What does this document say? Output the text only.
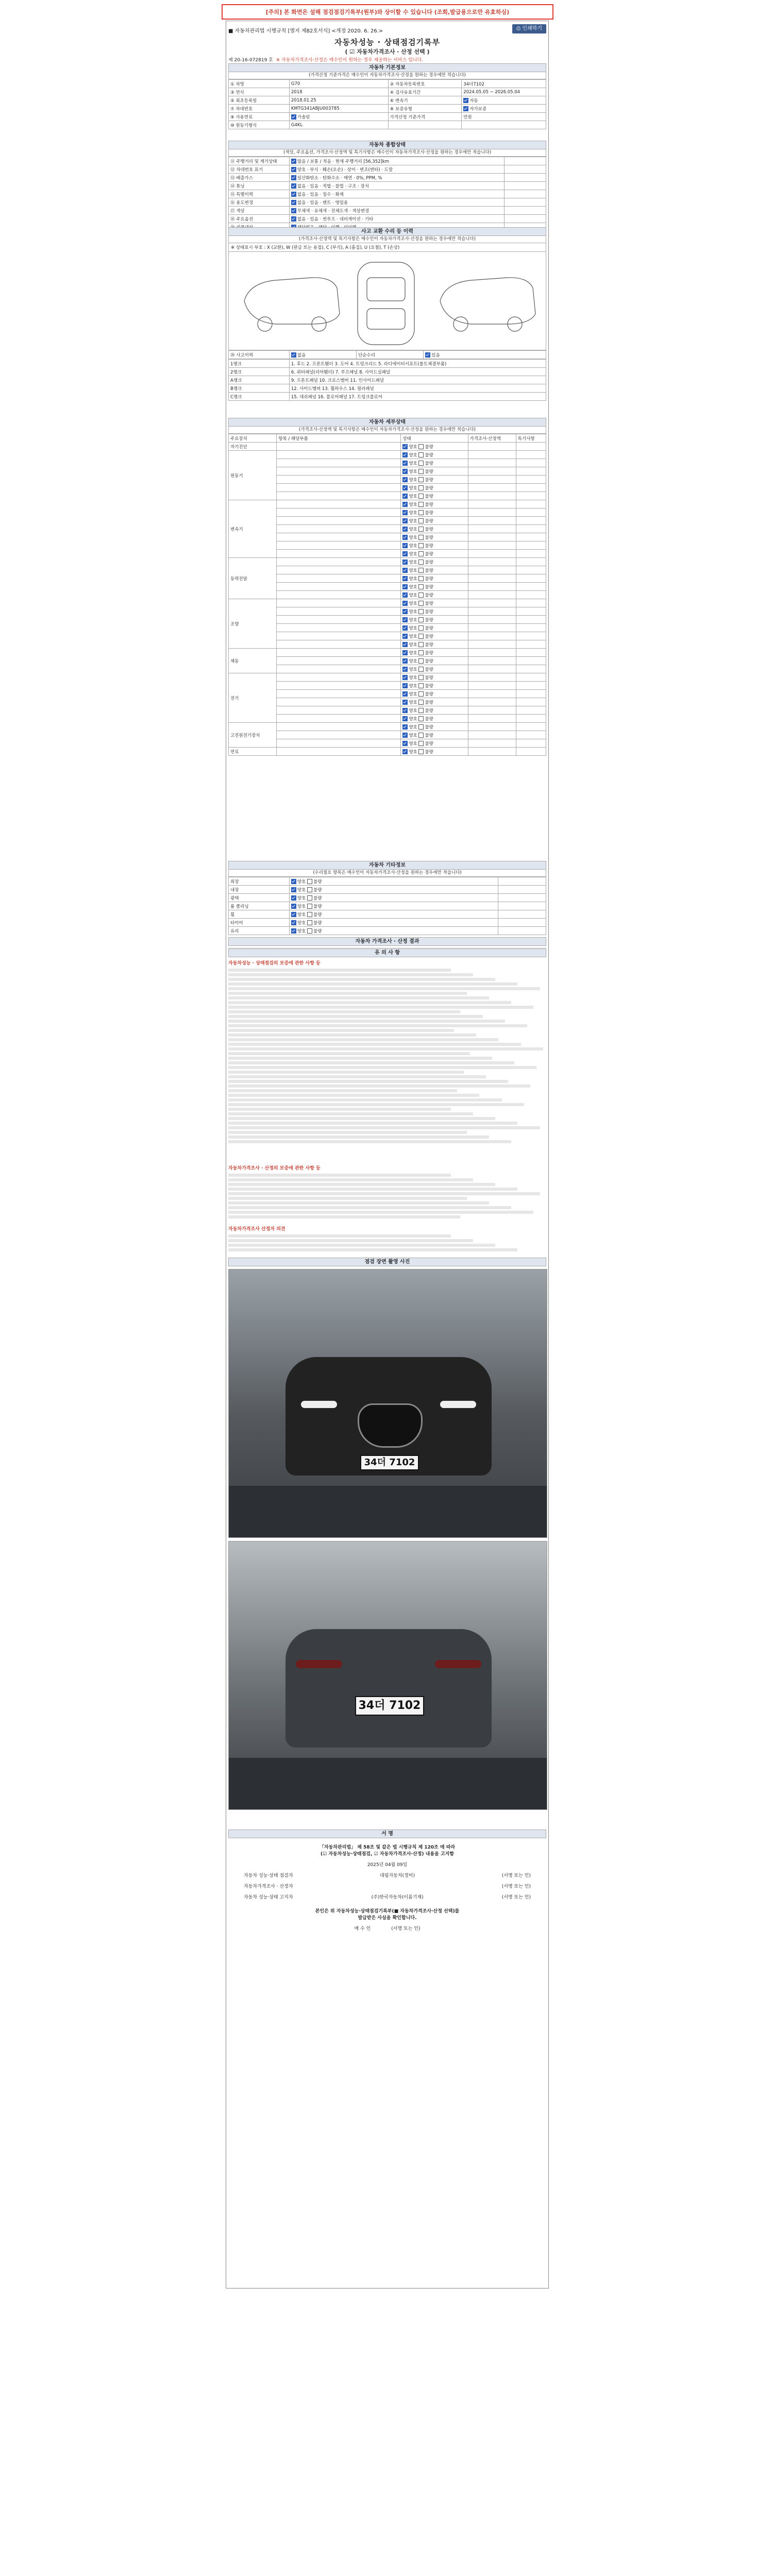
[주의] 본 화면은 설해 점검점검기록부(원부)와 상이할 수 있습니다 (조회,발급용으로만 유효하심)
■ 자동차관리법 시행규칙 [별지 제82호서식] <개정 2020. 6. 26.>	⎙ 인쇄하기
자동차성능 · 상태점검기록부
( ☑ 자동차가격조사 · 산정 선택 )
제 20-16-072819 호 ※ 자동차가격조사·산정은 매수인이 원하는 경우 제공하는 서비스 입니다.
자동차 기본정보
(가격산정 기준가격은 매수인이 자동차가격조사·산정을 원하는 경우에만 적습니다)
① 차명	G70	② 자동차등록번호	34더7102
③ 연식	2018	④ 검사유효기간	2024.05.05 ~ 2026.05.04
⑤ 최초등록일	2018.01.25	⑥ 변속기	자동
⑦ 차대번호	KMTG341ABJU003785	⑧ 보증유형	자가보증
⑨ 사용연료	가솔린	가격산정 기준가격	만원
⑩ 원동기형식	G4KL		
자동차 종합상태
(색상, 주요옵션, 가격조사·산정액 및 특기사항은 매수인이 자동차가격조사·산정을 원하는 경우에만 적습니다)
⑪ 주행거리 및 계기상태	많음 / 보통 / 적음 · 현재 주행거리 [56,352]km	
⑫ 차대번호 표기	양호 · 부식 · 훼손(오손) · 상이 · 변조(변타) · 도말	
⑬ 배출가스	일산화탄소 · 탄화수소 · 매연 · 0%, PPM, %	
⑭ 튜닝	없음 · 있음 · 적법 · 불법 · 구조 · 장치	
⑮ 특별이력	없음 · 있음 · 침수 · 화재	
⑯ 용도변경	없음 · 있음 · 렌트 · 영업용	
⑰ 색상	무채색 · 유채색 · 전체도색 · 색상변경	
⑱ 주요옵션	없음 · 있음 · 썬루프 · 네비게이션 · 기타	

사고 교환 수리 등 이력
(가격조사·산정액 및 특기사항은 매수인이 자동차가격조사·산정을 원하는 경우에만 적습니다)
※ 상태표시 부호 : X (교환), W (판금 또는 용접), C (부식), A (흠집), U (요철), T (손상)
⑳ 사고이력	없음	단순수리	있음
1랭크	1. 후드 2. 프론트휀더 3. 도어 4. 트렁크리드 5. 라디에이터서포트(볼트체결부품)
2랭크	6. 쿼터패널(리어휀더) 7. 루프패널 8. 사이드실패널
A랭크	9. 프론트패널 10. 크로스멤버 11. 인사이드패널
B랭크	12. 사이드멤버 13. 휠하우스 14. 필러패널
C랭크	15. 대쉬패널 16. 플로어패널 17. 트렁크플로어
자동차 세부상태
(가격조사·산정액 및 특기사항은 매수인이 자동차가격조사·산정을 원하는 경우에만 적습니다)
주요장치	항목 / 해당부품	상태	가격조사·산정액	특기사항
자기진단		양호 불량		
원동기		양호 불량		
		양호 불량		
		양호 불량		
		양호 불량		
		양호 불량		
		양호 불량		
변속기		양호 불량		
		양호 불량		
		양호 불량		
		양호 불량		
		양호 불량		
		양호 불량		
		양호 불량		
동력전달		양호 불량		
		양호 불량		
		양호 불량		
		양호 불량		
		양호 불량		
조향		양호 불량		
		양호 불량		
		양호 불량		
		양호 불량		
		양호 불량		
		양호 불량		
제동		양호 불량		
		양호 불량		
		양호 불량		
전기		양호 불량		
		양호 불량		
		양호 불량		
		양호 불량		
		양호 불량		
		양호 불량		
고전원전기장치		양호 불량		
		양호 불량		
		양호 불량		
연료		양호 불량		
자동차 기타정보
(수리필요 항목은 매수인이 자동차가격조사·산정을 원하는 경우에만 적습니다)
외장	양호 불량	
내장	양호 불량	
광택	양호 불량	
룸 클리닝	양호 불량	
휠	양호 불량	
타이어	양호 불량	
유리	양호 불량	
자동차 가격조사 · 산정 결과
유 의 사 항
자동차성능 · 상태점검의 보증에 관한 사항 등
자동차가격조사 · 산정의 보증에 관한 사항 등
자동차가격조사 산정자 의견
점검 장면 촬영 사진
34더 7102
34더 7102
서 명
「자동차관리법」 제 58조 및 같은 법 시행규칙 제 120조 에 따라
(☑ 자동차성능·상태점검, ☑ 자동차가격조사·산정) 내용을 고지함
2025년 04월 09일
자동차 성능·상태 점검자	대림자동차(정비)	(서명 또는 인)
자동차가격조사 · 산정자	(서명 또는 인)
자동차 성능·상태 고지자	(주)한국자동차(이름기재)	(서명 또는 인)
본인은 위 자동차성능·상태점검기록부(■ 자동차가격조사·산정 선택)를
발급받은 사실을 확인합니다.
매 수 인	(서명 또는 인)
